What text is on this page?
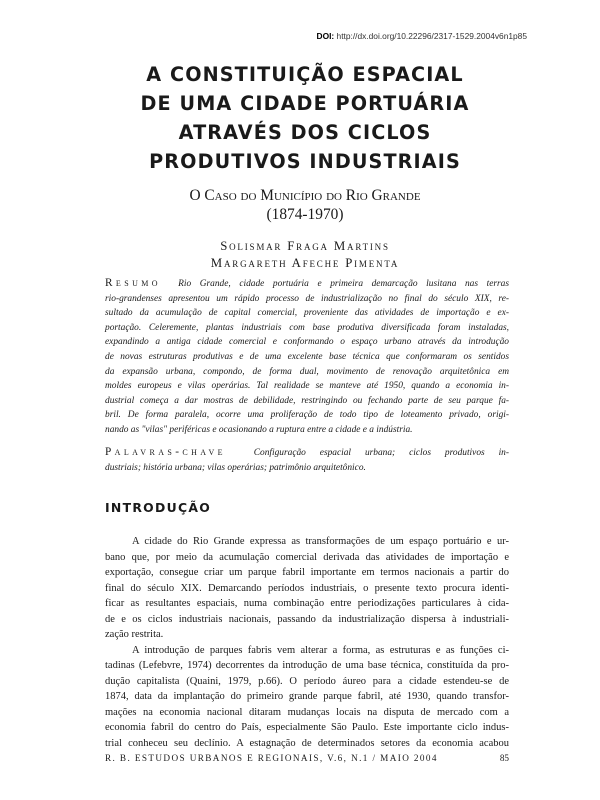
DOI: http://dx.doi.org/10.22296/2317-1529.2004v6n1p85
A CONSTITUIÇÃO ESPACIAL
DE UMA CIDADE PORTUÁRIA
ATRAVÉS DOS CICLOS
PRODUTIVOS INDUSTRIAIS
O Caso do Município do Rio Grande
(1874-1970)
Solismar Fraga Martins
Margareth Afeche Pimenta
Resumo Rio Grande, cidade portuária e primeira demarcação lusitana nas terras
rio-grandenses apresentou um rápido processo de industrialização no final do século XIX, re-
sultado da acumulação de capital comercial, proveniente das atividades de importação e ex-
portação. Celeremente, plantas industriais com base produtiva diversificada foram instaladas,
expandindo a antiga cidade comercial e conformando o espaço urbano através da introdução
de novas estruturas produtivas e de uma excelente base técnica que conformaram os sentidos
da expansão urbana, compondo, de forma dual, movimento de renovação arquitetônica em
moldes europeus e vilas operárias. Tal realidade se manteve até 1950, quando a economia in-
dustrial começa a dar mostras de debilidade, restringindo ou fechando parte de seu parque fa-
bril. De forma paralela, ocorre uma proliferação de todo tipo de loteamento privado, origi-
nando as "vilas" periféricas e ocasionando a ruptura entre a cidade e a indústria.
Palavras-chave	Configuração espacial urbana; ciclos produtivos in-
dustriais; história urbana; vilas operárias; patrimônio arquitetônico.
INTRODUÇÃO
A cidade do Rio Grande expressa as transformações de um espaço portuário e ur-
bano que, por meio da acumulação comercial derivada das atividades de importação e
exportação, consegue criar um parque fabril importante em termos nacionais a partir do
final do século XIX. Demarcando períodos industriais, o presente texto procura identi-
ficar as resultantes espaciais, numa combinação entre periodizações particulares à cida-
de e os ciclos industriais nacionais, passando da industrialização dispersa à industriali-
zação restrita.
A introdução de parques fabris vem alterar a forma, as estruturas e as funções ci-
tadinas (Lefebvre, 1974) decorrentes da introdução de uma base técnica, constituída da pro-
dução capitalista (Quaini, 1979, p.66). O período áureo para a cidade estendeu-se de
1874, data da implantação do primeiro grande parque fabril, até 1930, quando transfor-
mações na economia nacional ditaram mudanças locais na disputa de mercado com a
economia fabril do centro do País, especialmente São Paulo. Este importante ciclo indus-
trial conheceu seu declínio. A estagnação de determinados setores da economia acabou
R. B. ESTUDOS URBANOS E REGIONAIS, V.6, N.1 / MAIO 2004	85
